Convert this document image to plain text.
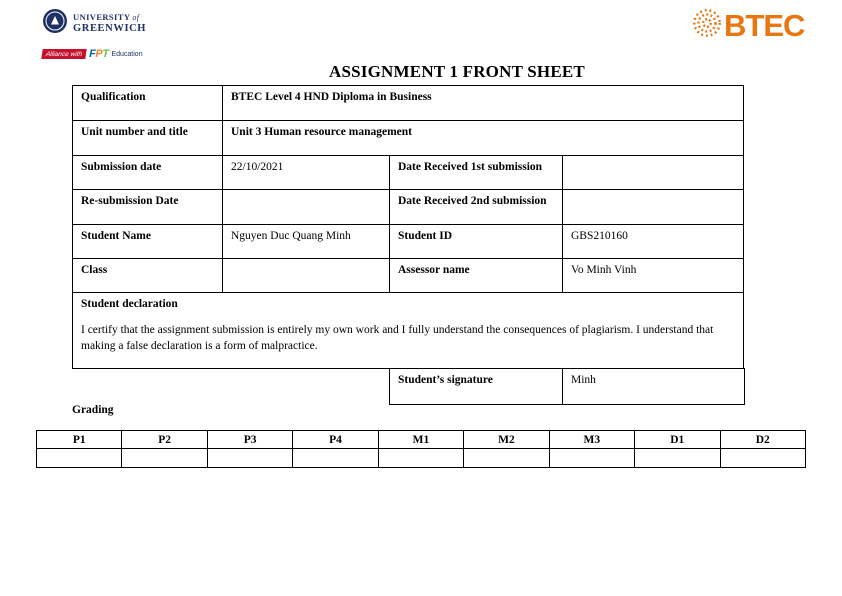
UNIVERSITY of
GREENWICH
Alliance with FPT Education
BTEC
ASSIGNMENT 1 FRONT SHEET
Qualification	BTEC Level 4 HND Diploma in Business		
Unit number and title	Unit 3 Human resource management		
Submission date	22/10/2021	Date Received 1st submission	
Re-submission Date		Date Received 2nd submission	
Student Name	Nguyen Duc Quang Minh	Student ID	GBS210160
Class		Assessor name	Vo Minh Vinh

Student declaration
I certify that the assignment submission is entirely my own work and I fully understand the consequences of plagiarism. I understand that making a false declaration is a form of malpractice.			
Student’s signature	Minh
Grading
P1	P2	P3	P4	M1	M2	M3	D1	D2
